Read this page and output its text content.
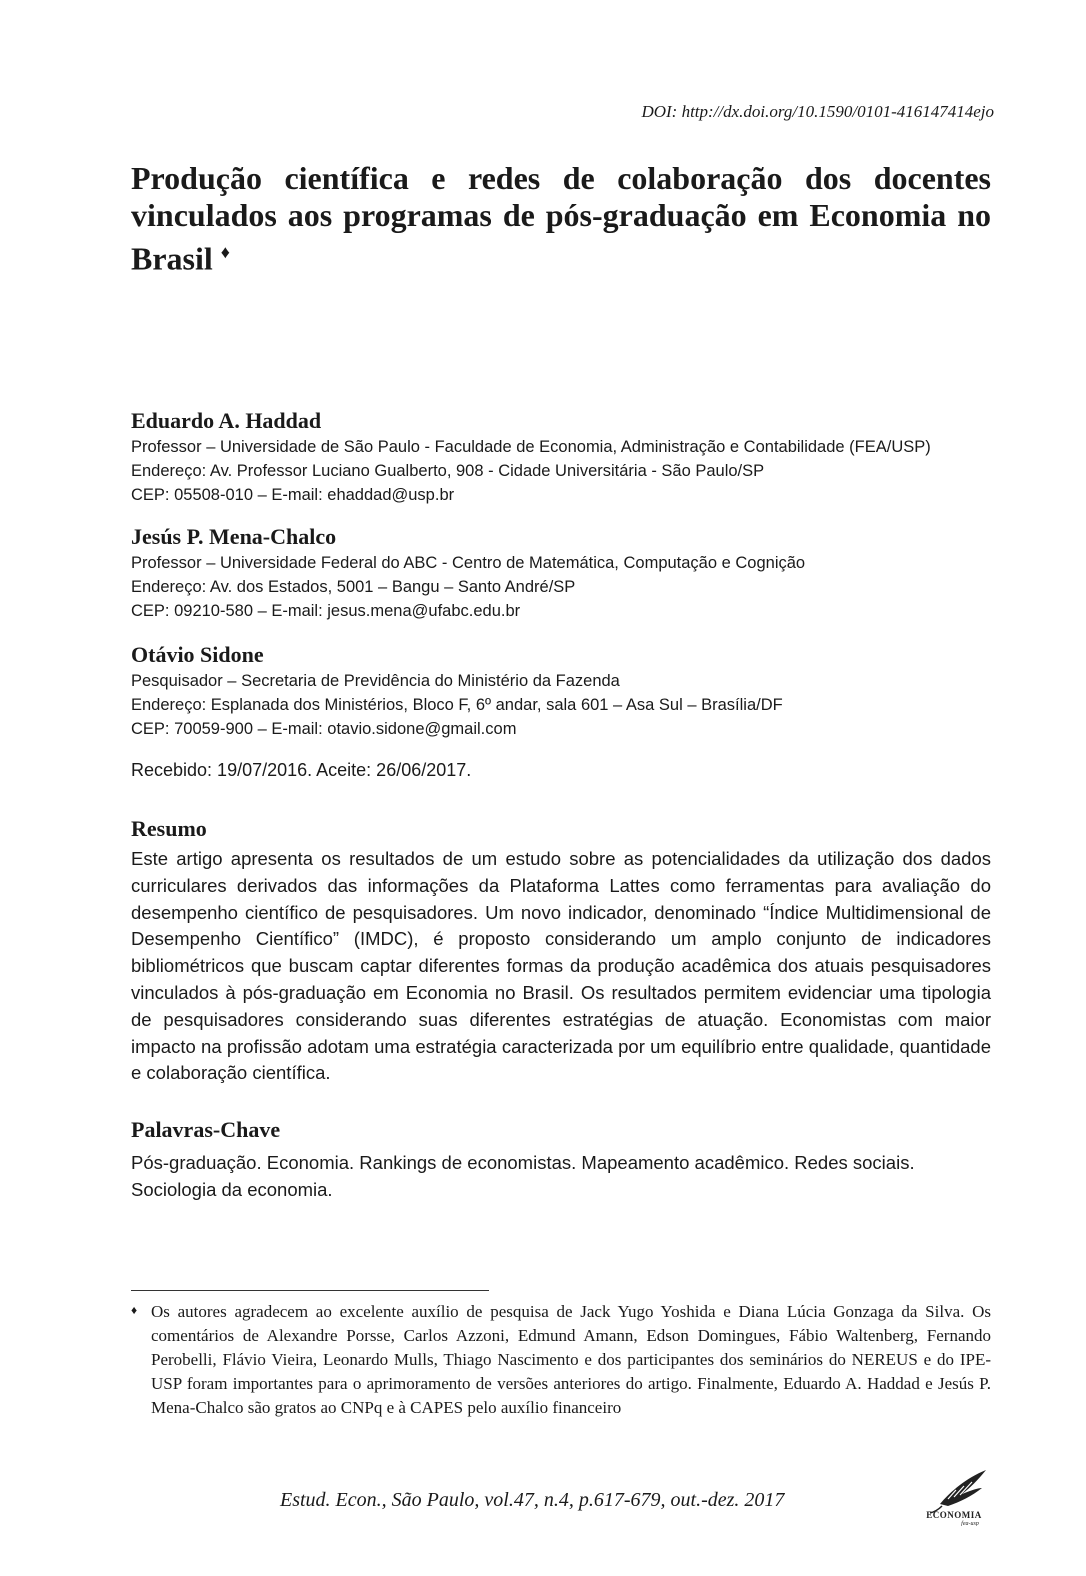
DOI: http://dx.doi.org/10.1590/0101-416147414ejo
Produção científica e redes de colaboração dos docentes vinculados aos programas de pós-graduação em Economia no Brasil ♦
Eduardo A. Haddad
Professor – Universidade de São Paulo - Faculdade de Economia, Administração e Contabilidade (FEA/USP)
Endereço: Av. Professor Luciano Gualberto, 908 - Cidade Universitária - São Paulo/SP
CEP: 05508-010 – E-mail: ehaddad@usp.br
Jesús P. Mena-Chalco
Professor – Universidade Federal do ABC - Centro de Matemática, Computação e Cognição
Endereço: Av. dos Estados, 5001 – Bangu – Santo André/SP
CEP: 09210-580 – E-mail: jesus.mena@ufabc.edu.br
Otávio Sidone
Pesquisador – Secretaria de Previdência do Ministério da Fazenda
Endereço: Esplanada dos Ministérios, Bloco F, 6º andar, sala 601 – Asa Sul – Brasília/DF
CEP: 70059-900 – E-mail: otavio.sidone@gmail.com
Recebido: 19/07/2016. Aceite: 26/06/2017.
Resumo
Este artigo apresenta os resultados de um estudo sobre as potencialidades da utilização dos dados curriculares derivados das informações da Plataforma Lattes como ferramentas para avaliação do desempenho científico de pesquisadores. Um novo indicador, denominado “Índice Multidimensional de Desempenho Científico” (IMDC), é proposto considerando um amplo conjunto de indicadores bibliométricos que buscam captar diferentes formas da produção acadêmica dos atuais pesquisadores vinculados à pós-graduação em Economia no Brasil. Os resultados permitem evidenciar uma tipologia de pesquisadores considerando suas diferentes estratégias de atuação. Economistas com maior impacto na profissão adotam uma estratégia caracterizada por um equilíbrio entre qualidade, quantidade e colaboração científica.
Palavras-Chave
Pós-graduação. Economia. Rankings de economistas. Mapeamento acadêmico. Redes sociais. Sociologia da economia.
♦ Os autores agradecem ao excelente auxílio de pesquisa de Jack Yugo Yoshida e Diana Lúcia Gonzaga da Silva. Os comentários de Alexandre Porsse, Carlos Azzoni, Edmund Amann, Edson Domingues, Fábio Waltenberg, Fernando Perobelli, Flávio Vieira, Leonardo Mulls, Thiago Nascimento e dos participantes dos seminários do NEREUS e do IPE-USP foram importantes para o aprimoramento de versões anteriores do artigo. Finalmente, Eduardo A. Haddad e Jesús P. Mena-Chalco são gratos ao CNPq e à CAPES pelo auxílio financeiro
Estud. Econ., São Paulo, vol.47, n.4, p.617-679, out.-dez. 2017
ECONOMIA
fea-usp
